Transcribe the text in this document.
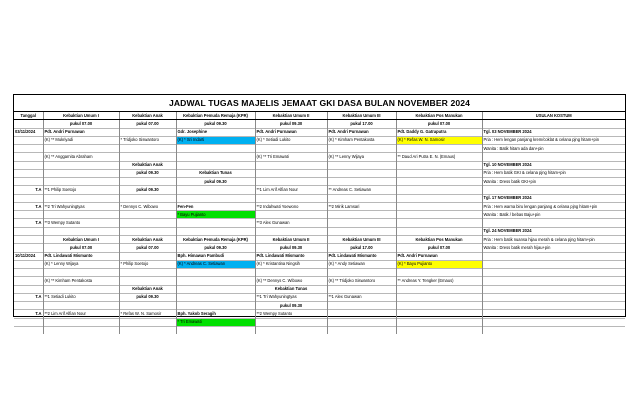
JADWAL TUGAS MAJELIS JEMAAT GKI DASA BULAN NOVEMBER 2024
Tanggal	Kebaktian Umum I	Kebaktian Anak	Kebaktian Pemuda Remaja (KPR)	Kebaktian Umum II	Kebaktian Umum III	Kebaktian Pos Manukan	USULAN KOSTUM
	pukul 07.00	pukul 07.00	pukul 09.30	pukul 09.30	pukul 17.00	pukul 07.00	
03/11/2024	Pdt. Andri Purnawan		Gdr. Josephine	Pdt. Andri Purnawan	Pdt. Andri Purnawan	Pdt. Daddy G. Gatraputra	Tgl. 03 NOVEMBER 2024
	(K) ** Mukriyadi	* Tridjoko Siswantoro	(K) * Sri Indarti	(K) * Setiadi Lukito	(K) * Kimham Pentakosta	(K) * Refas W. N. Samosir	Pria : Hem lengan panjang krem/coklat & celana pjng hitam+pin
							Wanita : Batik hitam ada dan+pin
	(K) ** Anggarnita Abraham			(K) ** Tri Emawati	(K) ** Lenny Wijaya	** Daud Ari Putra E. N. (Emaus)	
		Kebaktian Anak					Tgl. 10 NOVEMBER 2024
		pukul 09.30	Kebaktian Tunas				Pria : Hem batik GKI & celana pjng hitam+pin
			pukul 09.30				Wanita : Dress batik GKI+pin
T.A	**1 Philip Soetojo	pukul 09.30		**1 Lim Arif Alfian Nour	** Andreas C. Setiawan		
							Tgl. 17 NOVEMBER 2024
T.A	**2 Tri Wahyuningtyas	* Dennys C. Wibowo	Fen-Fen	**2 Indahwati Yoewono	**2 Mirik Lamsari		Pria : Hem warna biru lengan panjang & celana pjng hitam+pin
			* Bayu Pujianto				Wanita : Batik / bebas Baju+pin
T.A	**3 Wempy Sutanto			**3 Alex Gunawan			
							Tgl. 24 NOVEMBER 2024
	Kebaktian Umum I	Kebaktian Anak	Kebaktian Pemuda Remaja (KPR)	Kebaktian Umum II	Kebaktian Umum III	Kebaktian Pos Manukan	Pria : Hem batik nuansa hijau merah & celana pjng hitam+pin
	pukul 07.00	pukul 07.00	pukul 09.30	pukul 09.30	pukul 17.00	pukul 07.00	Wanita : Dress batik merah hijau+pin
10/11/2024	Pdt. Lindawati Mismanto		Bph. Himawan Pambudi	Pdt. Lindawati Mismanto	Pdt. Lindawati Mismanto	Pdt. Andri Purnawan	
	(K) * Lenny Wijaya	* Philip Soetojo	(K) * Andreas C. Setiawan	(K) * Kristantina Ningsih	(K) * Andy Setiawan	(K) * Bayu Pujianto	

	(K) ** Kimham Pentakosta			(K) ** Dennys C. Wibowo	(K) ** Tridjoko Siswantoro	** Andreas Y. Tengker (Emaus)	
		Kebaktian Anak		Kebaktian Tunas			
T.A	**1 Setiadi Lukito	pukul 09.30		**1 Tri Wahyuningtyas	**1 Alex Gunawan		
				pukul 09.30			
T.A	**2 Lim Arif Alfian Nour	* Refas W. N. Samosir	Bph. Yakob Seragih	**2 Wempy Sutanto			
			* Tri Emawati				
